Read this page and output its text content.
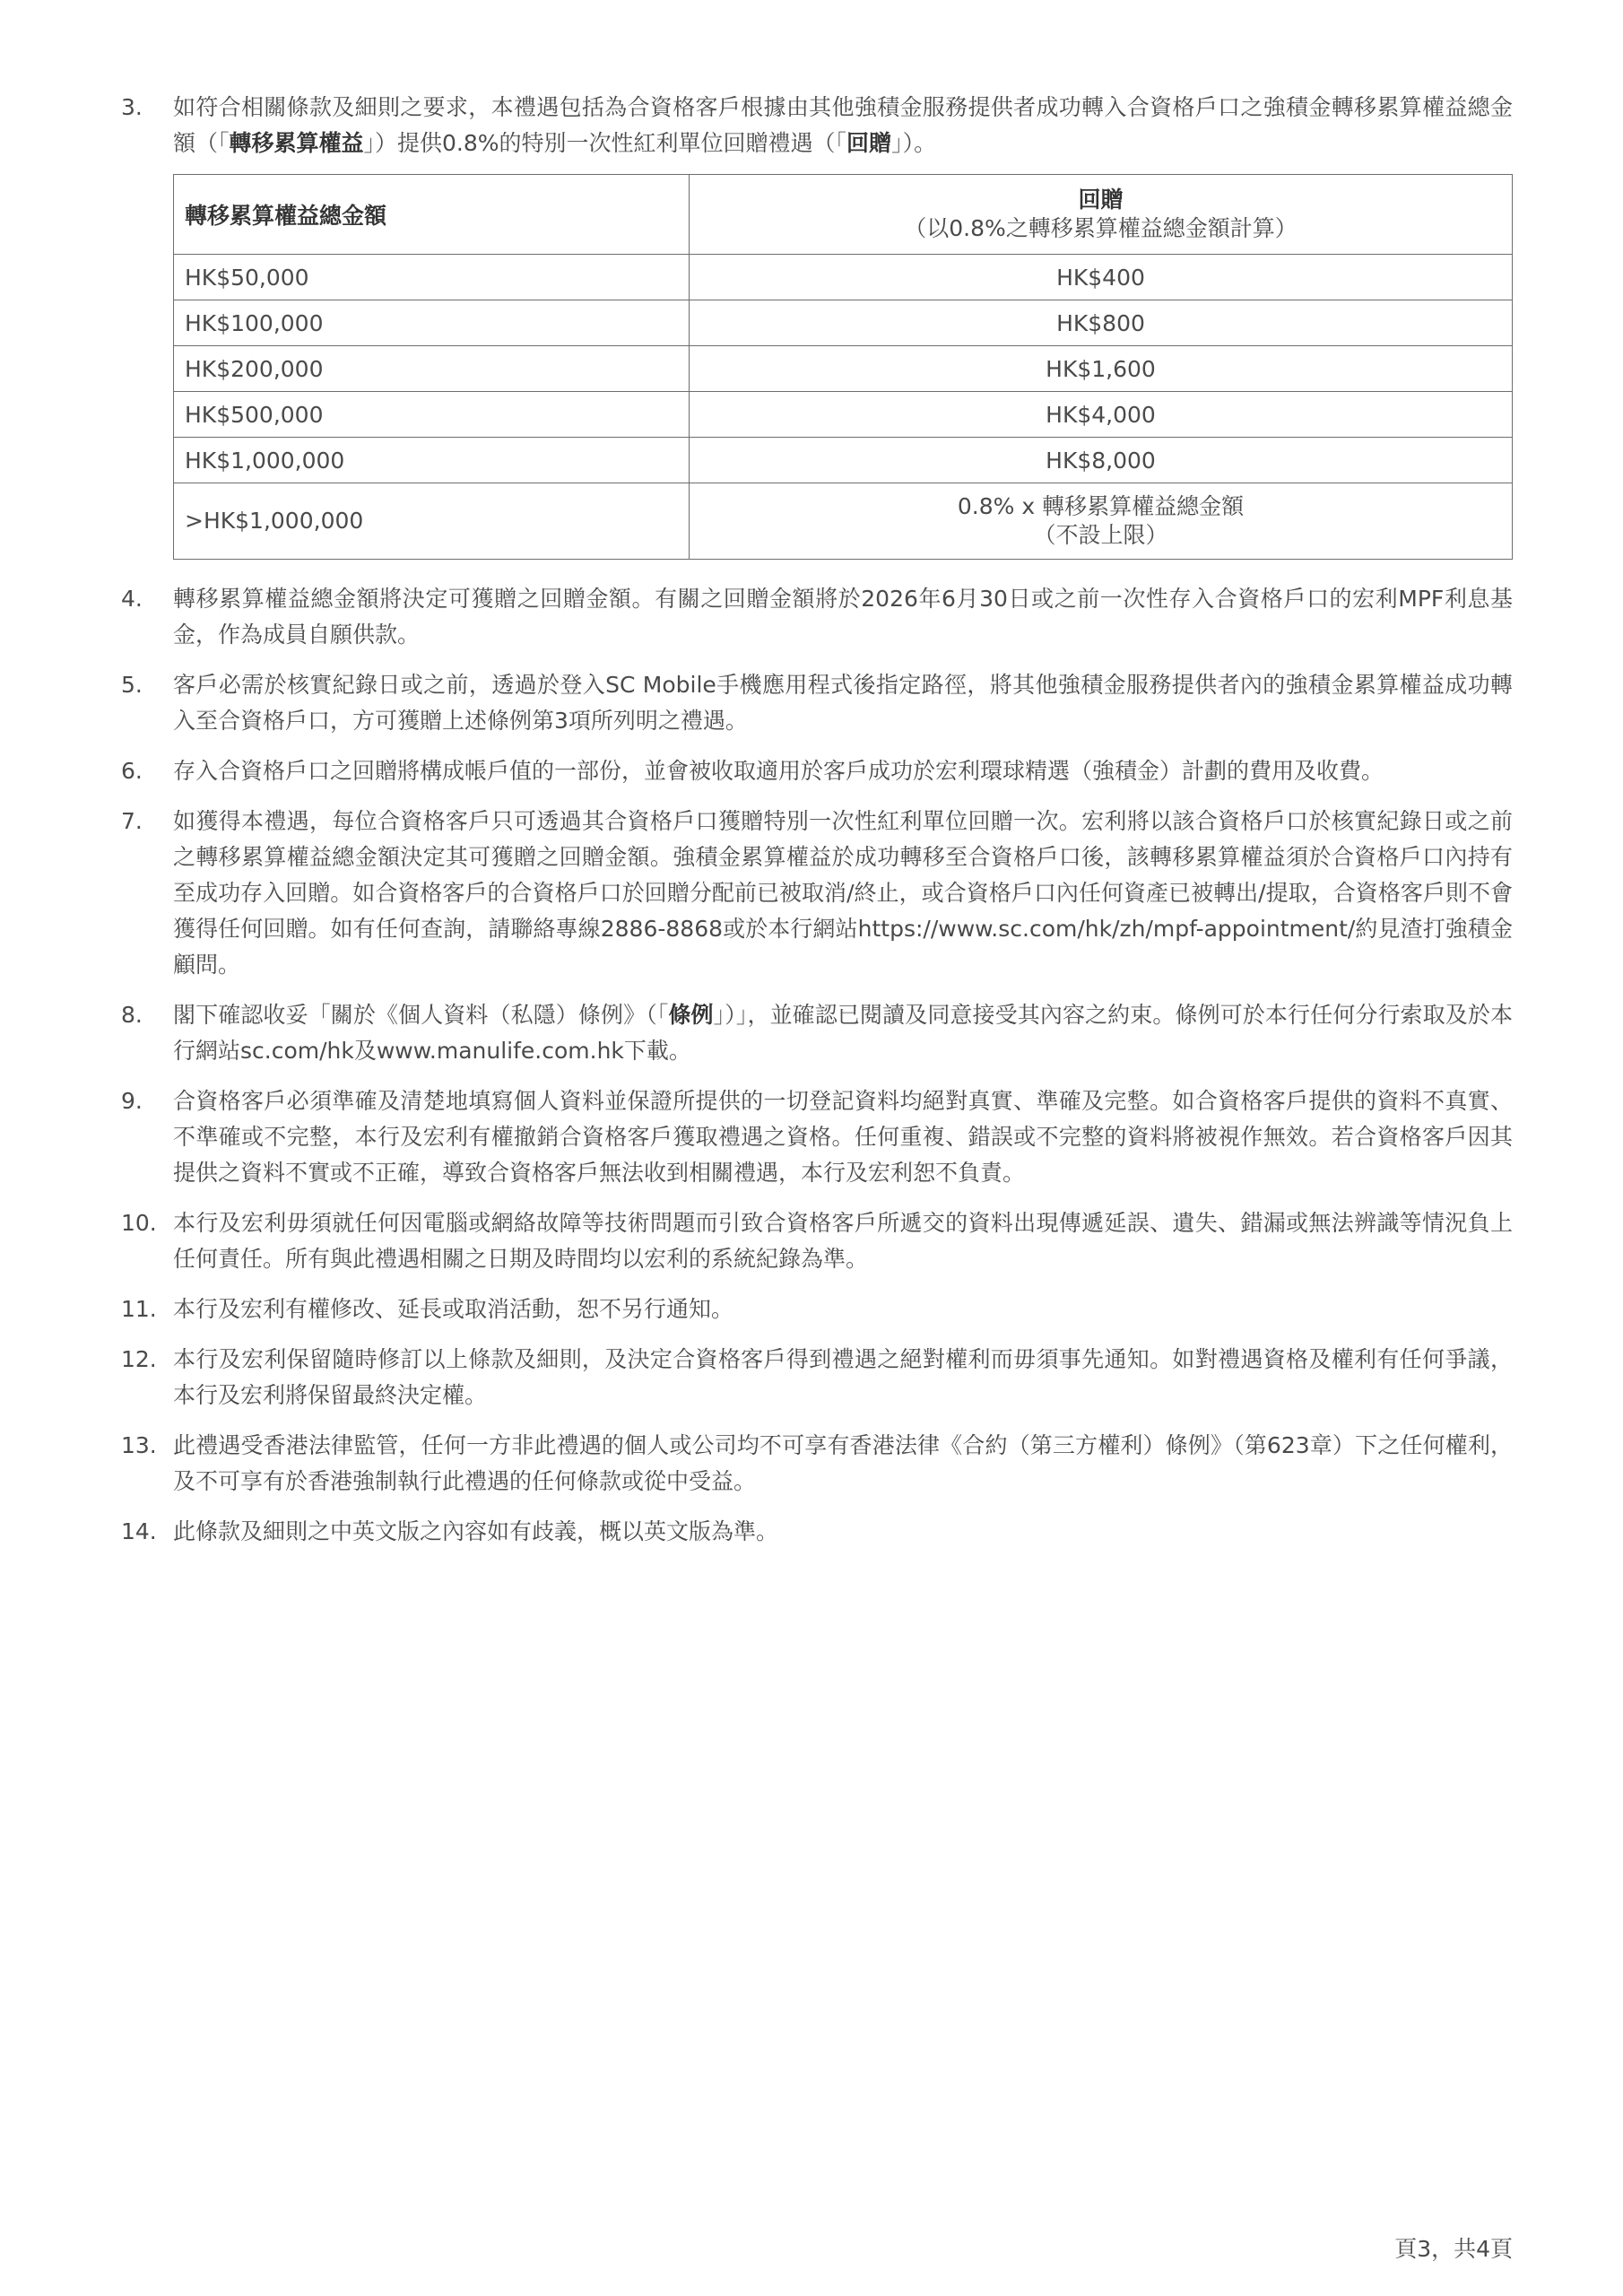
3.	如符合相關條款及細則之要求，本禮遇包括為合資格客戶根據由其他強積金服務提供者成功轉入合資格戶口之強積金轉移累算權益總金額（「轉移累算權益」）提供0.8%的特別一次性紅利單位回贈禮遇（「回贈」）。
轉移累算權益總金額	回贈
（以0.8%之轉移累算權益總金額計算）

HK$50,000	HK$400
HK$100,000	HK$800
HK$200,000	HK$1,600
HK$500,000	HK$4,000
HK$1,000,000	HK$8,000
>HK$1,000,000	0.8% x 轉移累算權益總金額
（不設上限）
4.	轉移累算權益總金額將決定可獲贈之回贈金額。有關之回贈金額將於2026年6月30日或之前一次性存入合資格戶口的宏利MPF利息基金，作為成員自願供款。
5.	客戶必需於核實紀錄日或之前，透過於登入SC Mobile手機應用程式後指定路徑，將其他強積金服務提供者內的強積金累算權益成功轉入至合資格戶口，方可獲贈上述條例第3項所列明之禮遇。
6.	存入合資格戶口之回贈將構成帳戶值的一部份，並會被收取適用於客戶成功於宏利環球精選（強積金）計劃的費用及收費。
7.	如獲得本禮遇，每位合資格客戶只可透過其合資格戶口獲贈特別一次性紅利單位回贈一次。宏利將以該合資格戶口於核實紀錄日或之前之轉移累算權益總金額決定其可獲贈之回贈金額。強積金累算權益於成功轉移至合資格戶口後，該轉移累算權益須於合資格戶口內持有至成功存入回贈。如合資格客戶的合資格戶口於回贈分配前已被取消/終止，或合資格戶口內任何資產已被轉出/提取，合資格客戶則不會獲得任何回贈。如有任何查詢，請聯絡專線2886-8868或於本行網站https://www.sc.com/hk/zh/mpf-appointment/約見渣打強積金顧問。
8.	閣下確認收妥「關於《個人資料（私隱）條例》（「條例」）」，並確認已閱讀及同意接受其內容之約束。條例可於本行任何分行索取及於本行網站sc.com/hk及www.manulife.com.hk下載。
9.	合資格客戶必須準確及清楚地填寫個人資料並保證所提供的一切登記資料均絕對真實、準確及完整。如合資格客戶提供的資料不真實、不準確或不完整，本行及宏利有權撤銷合資格客戶獲取禮遇之資格。任何重複、錯誤或不完整的資料將被視作無效。若合資格客戶因其提供之資料不實或不正確，導致合資格客戶無法收到相關禮遇，本行及宏利恕不負責。
10. 本行及宏利毋須就任何因電腦或網絡故障等技術問題而引致合資格客戶所遞交的資料出現傳遞延誤、遺失、錯漏或無法辨識等情況負上任何責任。所有與此禮遇相關之日期及時間均以宏利的系統紀錄為準。
11. 本行及宏利有權修改、延長或取消活動，恕不另行通知。
12. 本行及宏利保留隨時修訂以上條款及細則，及決定合資格客戶得到禮遇之絕對權利而毋須事先通知。如對禮遇資格及權利有任何爭議，本行及宏利將保留最終決定權。
13. 此禮遇受香港法律監管，任何一方非此禮遇的個人或公司均不可享有香港法律《合約（第三方權利）條例》（第623章）下之任何權利，及不可享有於香港強制執行此禮遇的任何條款或從中受益。
14. 此條款及細則之中英文版之內容如有歧義，概以英文版為準。
頁3，共4頁
